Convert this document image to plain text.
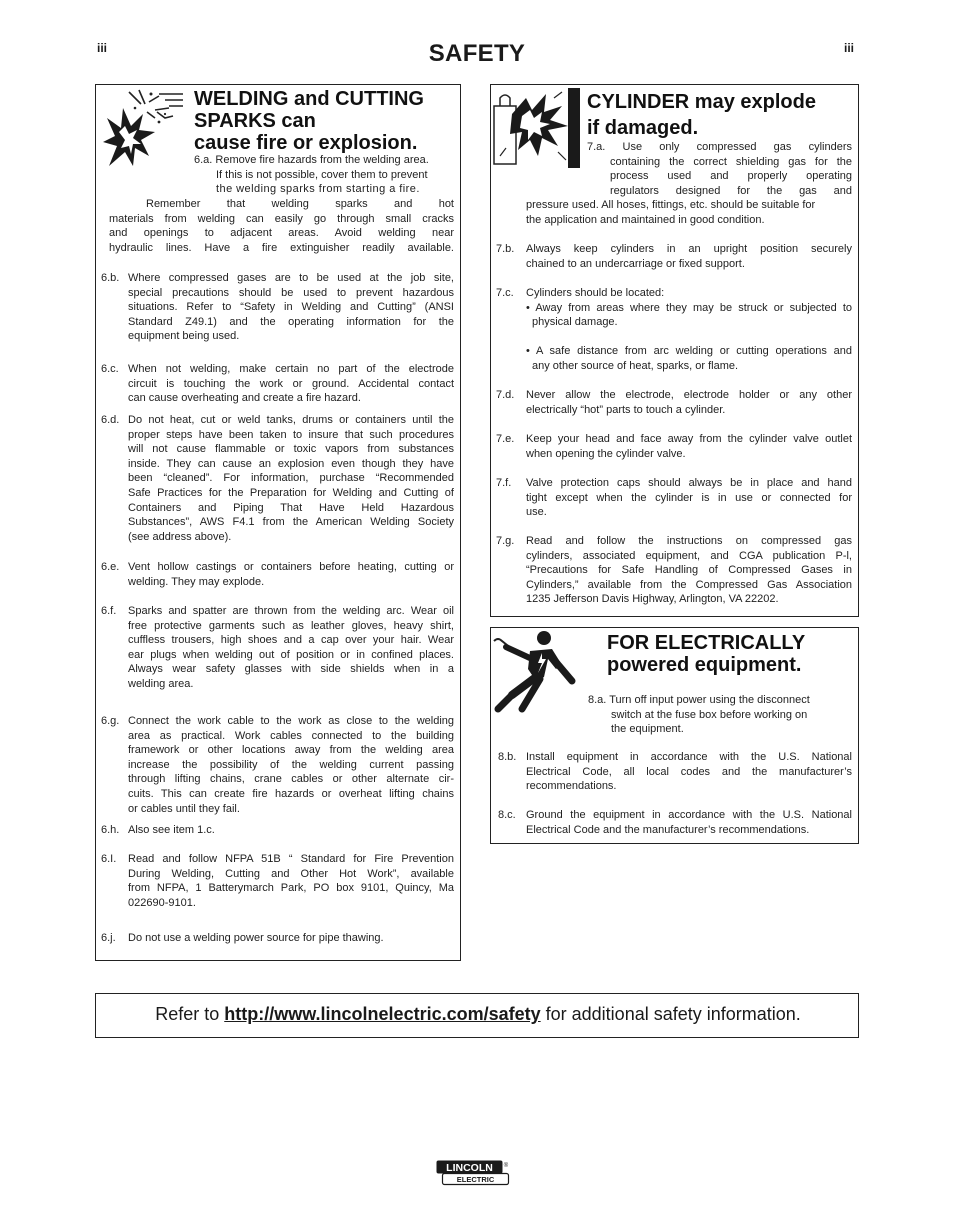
iii	SAFETY	iii
WELDING and CUTTING
SPARKS can
cause fire or explosion.
6.a. Remove fire hazards from the welding area.
If this is not possible, cover them to prevent
the welding sparks from starting a fire.
Remember that welding sparks and hot
materials from welding can easily go through small cracks
and openings to adjacent areas. Avoid welding near
hydraulic lines. Have a fire extinguisher readily available.
6.b. Where compressed gases are to be used at the job site,
special precautions should be used to prevent hazardous
situations. Refer to “Safety in Welding and Cutting” (ANSI
Standard Z49.1) and the operating information for the
equipment being used.
6.c. When not welding, make certain no part of the electrode
circuit is touching the work or ground. Accidental contact
can cause overheating and create a fire hazard.
6.d. Do not heat, cut or weld tanks, drums or containers until the
proper steps have been taken to insure that such procedures
will not cause flammable or toxic vapors from substances
inside. They can cause an explosion even though they have
been “cleaned”. For information, purchase “Recommended
Safe Practices for the Preparation for Welding and Cutting of
Containers and Piping That Have Held Hazardous
Substances”, AWS F4.1 from the American Welding Society
(see address above).
6.e. Vent hollow castings or containers before heating, cutting or
welding. They may explode.
6.f. Sparks and spatter are thrown from the welding arc. Wear oil
free protective garments such as leather gloves, heavy shirt,
cuffless trousers, high shoes and a cap over your hair. Wear
ear plugs when welding out of position or in confined places.
Always wear safety glasses with side shields when in a
welding area.
6.g. Connect the work cable to the work as close to the welding
area as practical. Work cables connected to the building
framework or other locations away from the welding area
increase the possibility of the welding current passing
through lifting chains, crane cables or other alternate cir-
cuits. This can create fire hazards or overheat lifting chains
or cables until they fail.
6.h. Also see item 1.c.
6.I. Read and follow NFPA 51B “ Standard for Fire Prevention
During Welding, Cutting and Other Hot Work”, available
from NFPA, 1 Batterymarch Park, PO box 9101, Quincy, Ma
022690-9101.
6.j. Do not use a welding power source for pipe thawing.
CYLINDER may explode
if damaged.
7.a. Use only compressed gas cylinders
containing the correct shielding gas for the
process used and properly operating
regulators designed for the gas and
pressure used. All hoses, fittings, etc. should be suitable for
the application and maintained in good condition.
7.b. Always keep cylinders in an upright position securely
chained to an undercarriage or fixed support.
7.c. Cylinders should be located:
• Away from areas where they may be struck or subjected to
physical damage.
• A safe distance from arc welding or cutting operations and
any other source of heat, sparks, or flame.
7.d. Never allow the electrode, electrode holder or any other
electrically “hot” parts to touch a cylinder.
7.e. Keep your head and face away from the cylinder valve outlet
when opening the cylinder valve.
7.f. Valve protection caps should always be in place and hand
tight except when the cylinder is in use or connected for
use.
7.g. Read and follow the instructions on compressed gas
cylinders, associated equipment, and CGA publication P-l,
“Precautions for Safe Handling of Compressed Gases in
Cylinders,” available from the Compressed Gas Association
1235 Jefferson Davis Highway, Arlington, VA 22202.
FOR ELECTRICALLY
powered equipment.
8.a. Turn off input power using the disconnect
switch at the fuse box before working on
the equipment.
8.b. Install equipment in accordance with the U.S. National
Electrical Code, all local codes and the manufacturer’s
recommendations.
8.c. Ground the equipment in accordance with the U.S. National
Electrical Code and the manufacturer’s recommendations.
Refer to http://www.lincolnelectric.com/safety for additional safety information.
LINCOLN ®
ELECTRIC
